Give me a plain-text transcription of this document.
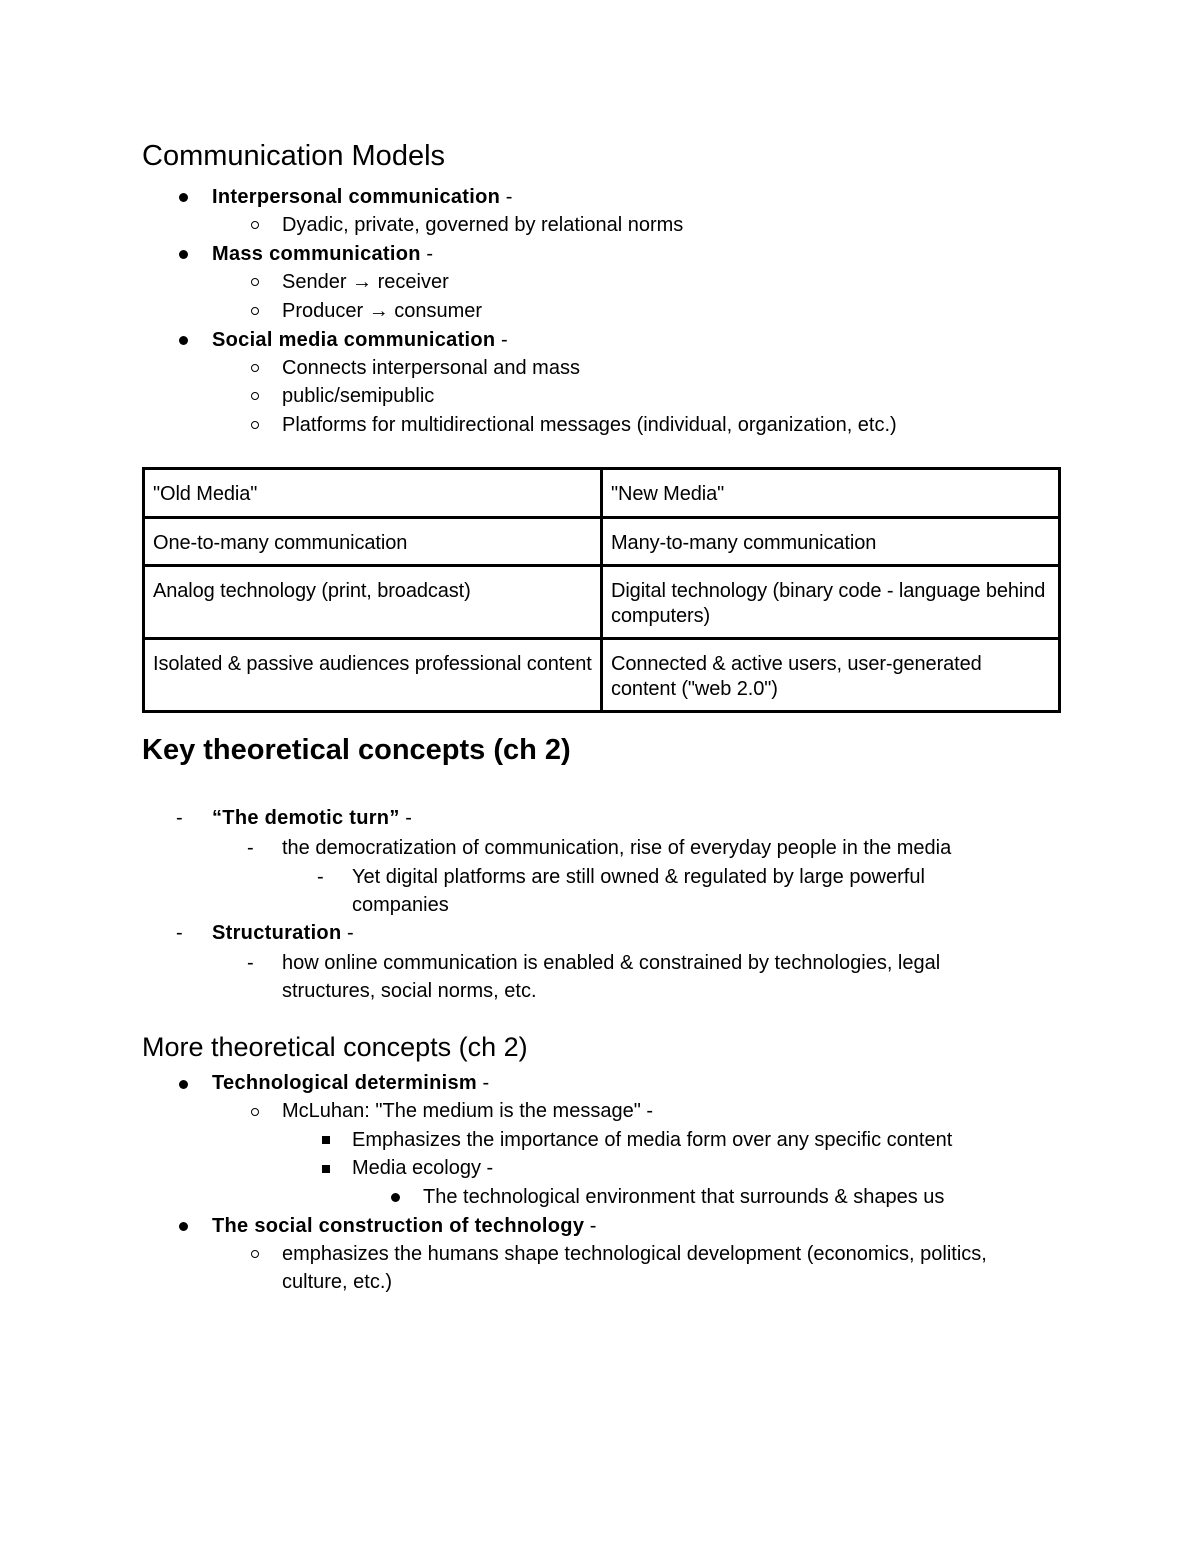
Communication Models
Interpersonal communication -
Dyadic, private, governed by relational norms
Mass communication -
Sender → receiver
Producer → consumer
Social media communication -
Connects interpersonal and mass
public/semipublic
Platforms for multidirectional messages (individual, organization, etc.)
"Old Media"	"New Media"
One-to-many communication	Many-to-many communication
Analog technology (print, broadcast)	Digital technology (binary code - language behind computers)
Isolated & passive audiences professional content	Connected & active users, user-generated content ("web 2.0")
Key theoretical concepts (ch 2)
- “The demotic turn” -
- the democratization of communication, rise of everyday people in the media
- Yet digital platforms are still owned & regulated by large powerful
companies
- Structuration -
- how online communication is enabled & constrained by technologies, legal
structures, social norms, etc.
More theoretical concepts (ch 2)
Technological determinism -
McLuhan: "The medium is the message" -
Emphasizes the importance of media form over any specific content
Media ecology -
The technological environment that surrounds & shapes us
The social construction of technology -
emphasizes the humans shape technological development (economics, politics,
culture, etc.)
